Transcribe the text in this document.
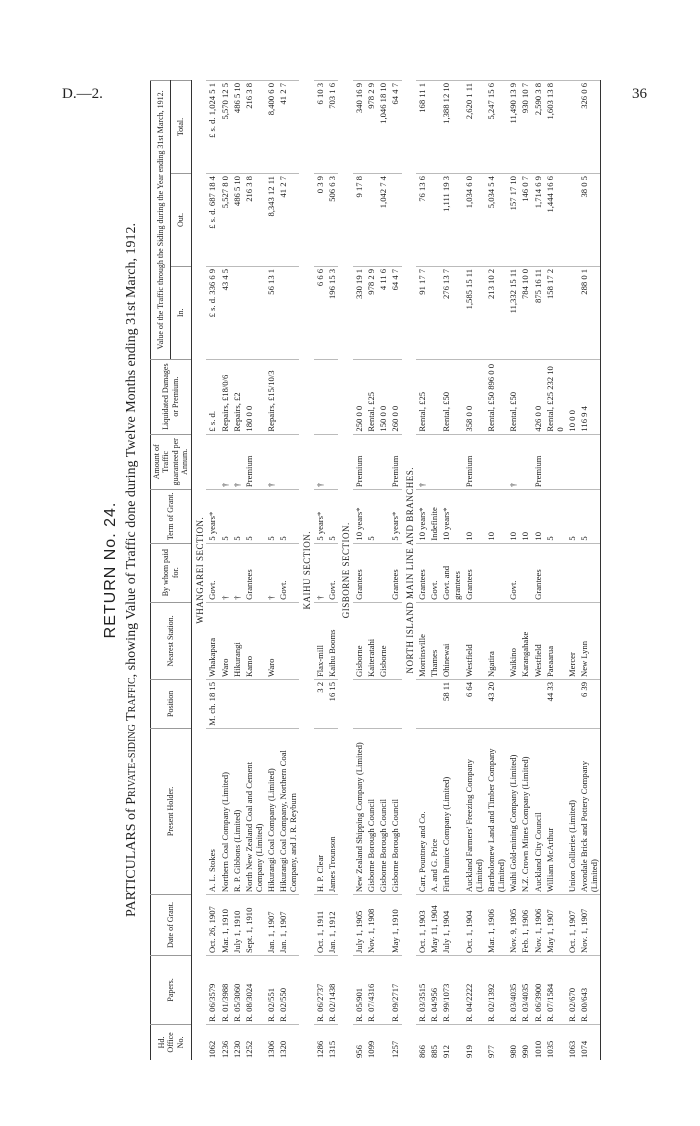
D.—2.	36
RETURN No. 24.
PARTICULARS of Private-siding Traffic, showing Value of Traffic done during Twelve Months ending 31st March, 1912.
Hd. Office No.	Papers.	Date of Grant.	Present Holder.	Position	Nearest Station.	By whom paid for.	Term of Grant.	Amount of Traffic guaranteed per Annum.	Liquidated Damages or Premium.	Value of the Traffic through the Siding during the Year ending 31st March, 1912.		
										In.	Out.	Total.
WHANGAREI SECTION.												
1062	R. 06/3579	Oct. 26, 1907	A. L. Stokes	M. ch. 18 15	Whakapara	Govt.	5 years*		£ s. d.	£ s. d. 336 6 9	£ s. d. 687 18 4	£ s. d. 1,024 5 1
1236	R. 01/3988	Mar. 1, 1910	Northern Coal Company (Limited)		Waro	†	5	†	Repairs, £18/0/6	43 4 5	5,527 8 0	5,570 12 5
1230	R. 05/3060	July 1, 1910	R. P. Gibbons (Limited)		Hikurangi	†	5	†	Repairs, £2		486 5 10	486 5 10
1252	R. 08/3024	Sept. 1, 1910	North New Zealand Coal and Cement Company (Limited)		Kamo	Grantees	5	Premium	180 0 0		216 3 8	216 3 8
1306	R. 02/551	Jan. 1, 1907	Hikurangi Coal Company (Limited)		Waro	†	5	†	Repairs, £15/10/3	56 13 1	8,343 12 11	8,400 6 0
1320	R. 02/550	Jan. 1, 1907	Hikurangi Coal Company, Northern Coal Company, and J. R. Reyburn			Govt.	5				41 2 7	41 2 7
KAIHU SECTION.												
1286	R. 06/2737	Oct. 1, 1911	H. P. Clear	3 2	Flax-mill	†	5 years*	†		6 6 6	0 3 9	6 10 3
1315	R. 02/1438	Jan. 1, 1912	James Trounson	16 15	Kaihu Booms	Govt.	5			196 15 3	506 6 3	703 1 6
GISBORNE SECTION.												
956	R. 05/901	July 1, 1905	New Zealand Shipping Company (Limited)		Gisborne	Grantees	10 years*	Premium	250 0 0	330 19 1	9 17 8	340 16 9
1099	R. 07/4316	Nov. 1, 1908	Gisborne Borough Council		Kaiteratahi		5		Rental, £25	978 2 9		978 2 9
			Gisborne Borough Council		Gisborne				150 0 0	4 11 6	1,042 7 4	1,046 18 10
1257	R. 09/2717	May 1, 1910	Gisborne Borough Council			Grantees	5 years*	Premium	260 0 0	64 4 7		64 4 7
NORTH ISLAND MAIN LINE AND BRANCHES.												
866	R. 03/3515	Oct. 1, 1903	Carr, Pountney and Co.		Morrinsville	Grantees	10 years*	†	Rental, £25	91 17 7	76 13 6	168 11 1
885	R. 04/956	May 11, 1904	A. and G. Price		Thames	Govt.	Indefinite					
912	R. 99/1073	July 1, 1904	Firth Pumice Company (Limited)	58 11	Ohinewai	Govt. and grantees	10 years*		Rental, £50	276 13 7	1,111 19 3	1,388 12 10
919	R. 04/2222	Oct. 1, 1904	Auckland Farmers' Freezing Company (Limited)	6 64	Westfield	Grantees	10	Premium	358 0 0	1,585 15 11	1,034 6 0	2,620 1 11
977	R. 02/1392	Mar. 1, 1906	Bartholomew Land and Timber Company (Limited)	43 20	Ngatira		10		Rental, £50 896 0 0	213 10 2	5,034 5 4	5,247 15 6
980	R. 03/4035	Nov. 9, 1905	Waihi Gold-mining Company (Limited)		Waikino	Govt.	10	†	Rental, £50	11,332 15 11	157 17 10	11,490 13 9
990	R. 03/4035	Feb. 1, 1906	N.Z. Crown Mines Company (Limited)		Karangahake		10			784 10 0	146 0 7	930 10 7
1010	R. 06/3900	Nov. 1, 1906	Auckland City Council		Westfield	Grantees	10	Premium	426 0 0	875 16 11	1,714 6 9	2,590 3 8
1035	R. 07/1584	May 1, 1907	William McArthur	44 33	Paeaarua		5		Rental, £25 232 10 0	158 17 2	1,444 16 6	1,603 13 8
1063	R. 02/670	Oct. 1, 1907	Union Collieries (Limited)		Mercer		5		10 0 0			
1074	R. 00/643	Nov. 1, 1907	Avondale Brick and Pottery Company (Limited)	6 39	New Lynn		5		116 9 4	288 0 1	38 0 5	326 0 6
